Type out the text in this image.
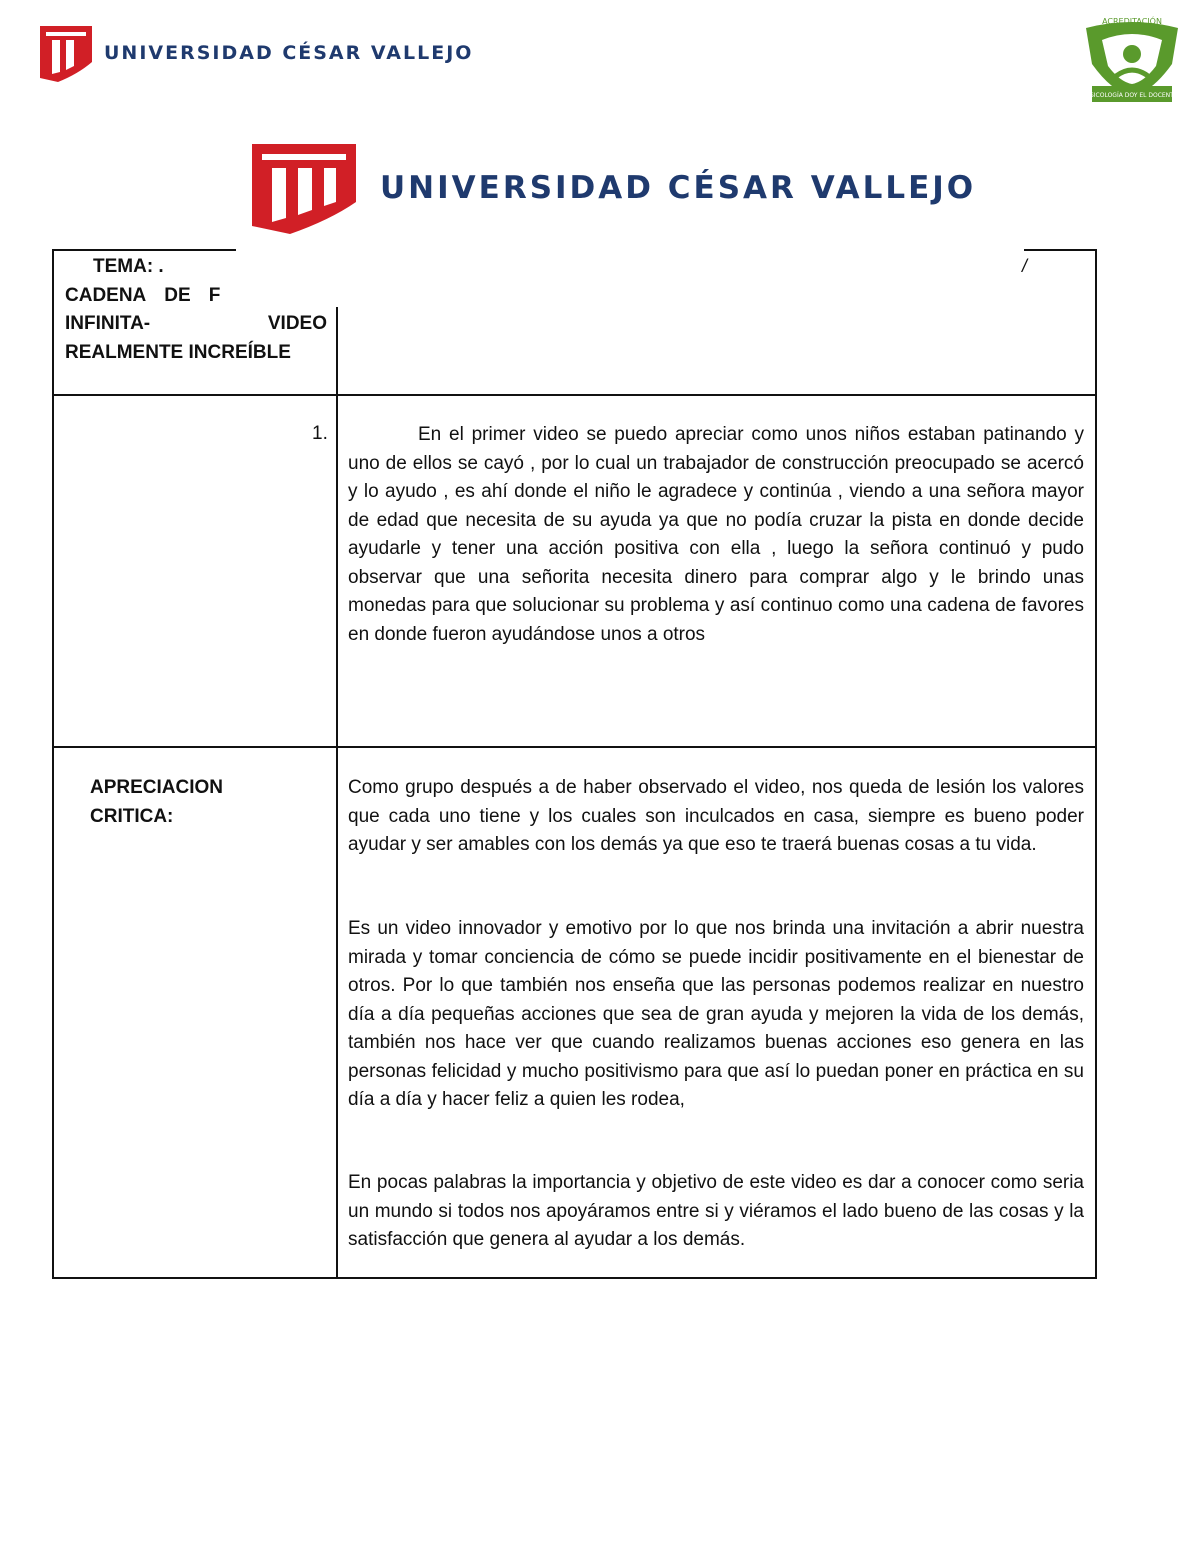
UNIVERSIDAD CÉSAR VALLEJO
ACREDITACIÓN
PSICOLOGÍA DOY EL DOCENTE
UNIVERSIDAD CÉSAR VALLEJO
TEMA: .
CADENA DE F
INFINITA-	VIDEO
REALMENTE INCREÍBLE
/
1.	En el primer video se puedo apreciar como unos niños estaban patinando y uno de ellos se cayó , por lo cual un trabajador de construcción preocupado se acercó y lo ayudo , es ahí donde el niño le agradece y continúa , viendo a una señora mayor de edad que necesita de su ayuda ya que no podía cruzar la pista en donde decide ayudarle y tener una acción positiva con ella , luego la señora continuó y pudo observar que una señorita necesita dinero para comprar algo y le brindo unas monedas para que solucionar su problema y así continuo como una cadena de favores en donde fueron ayudándose unos a otros
APRECIACION
CRITICA:
Como grupo después a de haber observado el video, nos queda de lesión los valores que cada uno tiene y los cuales son inculcados en casa, siempre es bueno poder ayudar y ser amables con los demás ya que eso te traerá buenas cosas a tu vida.
Es un video innovador y emotivo por lo que nos brinda una invitación a abrir nuestra mirada y tomar conciencia de cómo se puede incidir positivamente en el bienestar de otros. Por lo que también nos enseña que las personas podemos realizar en nuestro día a día pequeñas acciones que sea de gran ayuda y mejoren la vida de los demás, también nos hace ver que cuando realizamos buenas acciones eso genera en las personas felicidad y mucho positivismo para que así lo puedan poner en práctica en su día a día y hacer feliz a quien les rodea,
En pocas palabras la importancia y objetivo de este video es dar a conocer como seria un mundo si todos nos apoyáramos entre si y viéramos el lado bueno de las cosas y la satisfacción que genera al ayudar a los demás.
